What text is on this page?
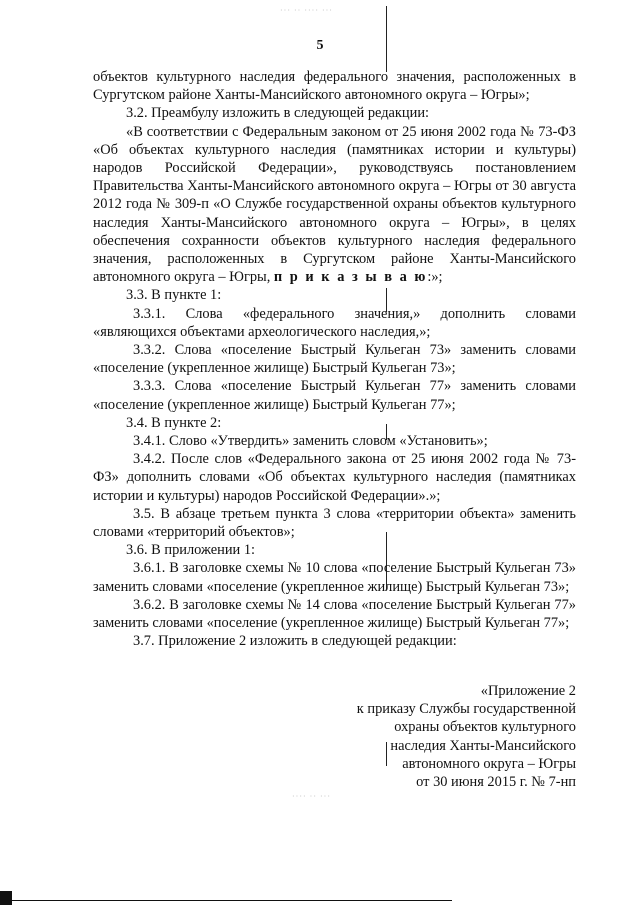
··· ·· ···· ···
5

объектов культурного наследия федерального значения, расположенных в Сургутском районе Ханты-Мансийского автономного округа – Югры»;

3.2. Преамбулу изложить в следующей редакции:

«В соответствии с Федеральным законом от 25 июня 2002 года № 73-ФЗ «Об объектах культурного наследия (памятниках истории и культуры) народов Российской Федерации», руководствуясь постановлением Правительства Ханты-Мансийского автономного округа – Югры от 30 августа 2012 года № 309-п «О Службе государственной охраны объектов культурного наследия Ханты-Мансийского автономного округа – Югры», в целях обеспечения сохранности объектов культурного наследия федерального значения, расположенных в Сургутском районе Ханты-Мансийского автономного округа – Югры, п р и к а з ы в а ю:»;

3.3. В пункте 1:

3.3.1. Слова «федерального значения,» дополнить словами «являющихся объектами археологического наследия,»;

3.3.2. Слова «поселение Быстрый Кульеган 73» заменить словами «поселение (укрепленное жилище) Быстрый Кульеган 73»;

3.3.3. Слова «поселение Быстрый Кульеган 77» заменить словами «поселение (укрепленное жилище) Быстрый Кульеган 77»;

3.4. В пункте 2:

3.4.1. Слово «Утвердить» заменить словом «Установить»;

3.4.2. После слов «Федерального закона от 25 июня 2002 года № 73-ФЗ» дополнить словами «Об объектах культурного наследия (памятниках истории и культуры) народов Российской Федерации».»;

3.5. В абзаце третьем пункта 3 слова «территории объекта» заменить словами «территорий объектов»;

3.6. В приложении 1:

3.6.1. В заголовке схемы № 10 слова «поселение Быстрый Кульеган 73» заменить словами «поселение (укрепленное жилище) Быстрый Кульеган 73»;

3.6.2. В заголовке схемы № 14 слова «поселение Быстрый Кульеган 77» заменить словами «поселение (укрепленное жилище) Быстрый Кульеган 77»;

3.7. Приложение 2 изложить в следующей редакции:

«Приложение 2
к приказу Службы государственной
охраны объектов культурного
наследия Ханты-Мансийского
автономного округа – Югры
от 30 июня 2015 г. № 7-нп
···· ·· ···
